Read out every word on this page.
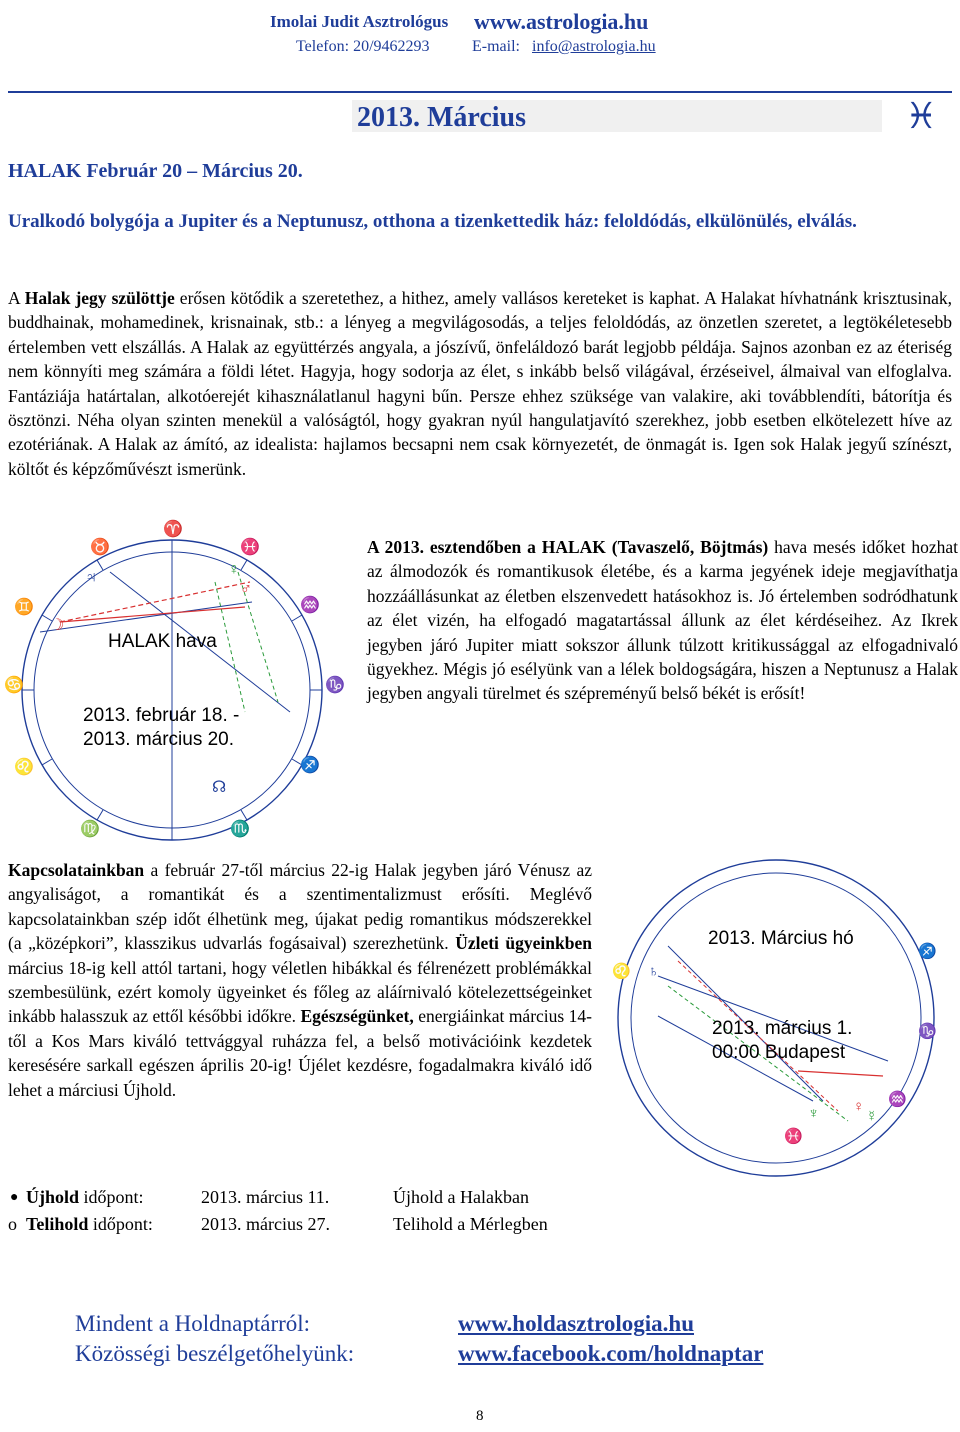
Imolai Judit Asztrológus www.astrologia.hu
Telefon: 20/9462293	E-mail: info@astrologia.hu
2013. Március	♓
HALAK Február 20 – Március 20.
Uralkodó bolygója a Jupiter és a Neptunusz, otthona a tizenkettedik ház: feloldódás, elkülönülés, elválás.
A Halak jegy szülöttje erősen kötődik a szeretethez, a hithez, amely vallásos kereteket is kaphat. A Halakat hívhatnánk krisztusinak, buddhainak, mohamedinek, krisnainak, stb.: a lényeg a megvilágosodás, a teljes feloldódás, az önzetlen szeretet, a legtökéletesebb értelemben vett elszállás. A Halak az együttérzés angyala, a jószívű, önfeláldozó barát legjobb példája. Sajnos azonban ez az éteriség nem könnyíti meg számára a földi létet. Hagyja, hogy sodorja az élet, s inkább belső világával, érzéseivel, álmaival van elfoglalva. Fantáziája határtalan, alkotóerejét kihasználatlanul hagyni bűn. Persze ehhez szüksége van valakire, aki továbblendíti, bátorítja és ösztönzi. Néha olyan szinten menekül a valóságtól, hogy gyakran nyúl hangulatjavító szerekhez, jobb esetben elkötelezett híve az ezotériának. A Halak az ámító, az idealista: hajlamos becsapni nem csak környezetét, de önmagát is. Igen sok Halak jegyű színészt, költőt és képzőművészt ismerünk.
♈
♉
♊
♋
♌
♍	♏
♐
♑
♒
♓
♃	♀
♂
☊
☽
HALAK hava
2013. február 18. -
2013. március 20.
A 2013. esztendőben a HALAK (Tavaszelő, Böjtmás) hava mesés időket hozhat az álmodozók és romantikusok életébe, és a karma jegyének ideje megjavíthatja hozzáállásunkat az életben elszenvedett hatásokhoz is. Jó értelemben sodródhatunk az élet vizén, ha elfogadó magatartással állunk az élet kérdéseihez. Az Ikrek jegyben járó Jupiter miatt sokszor állunk túlzott kritikussággal az elfogadnivaló ügyekhez. Mégis jó esélyünk van a lélek boldogságára, hiszen a Neptunusz a Halak jegyben angyali türelmet és szépreményű belső békét is erősít!
Kapcsolatainkban a február 27-től március 22-ig Halak jegyben járó Vénusz az angyaliságot, a romantikát és a szentimentalizmust erősíti. Meglévő kapcsolatainkban szép időt élhetünk meg, újakat pedig romantikus módszerekkel (a „középkori”, klasszikus udvarlás fogásaival) szerezhetünk. Üzleti ügyeinkben március 18-ig kell attól tartani, hogy véletlen hibákkal és félrenézett problémákkal szembesülünk, ezért komoly ügyeinket és főleg az aláírnivaló kötelezettségeinket inkább halasszuk az ettől későbbi időkre. Egészségünket, energiáinkat március 14-től a Kos Mars kiváló tettvággyal ruházza fel, a belső motivációink kezdetek keresésére sarkall egészen április 20-ig! Újélet kezdésre, fogadalmakra kiváló idő lehet a márciusi Újhold.
♌ ♄
♐
♑
♒
♓
♆ ♀
☿
2013. Március hó
2013. március 1.
00:00 Budapest
● Újhold időpont:	2013. március 11.	Újhold a Halakban
o Telihold időpont:	2013. március 27.	Telihold a Mérlegben
Mindent a Holdnaptárról:	www.holdasztrologia.hu
Közösségi beszélgetőhelyünk:	www.facebook.com/holdnaptar
8
